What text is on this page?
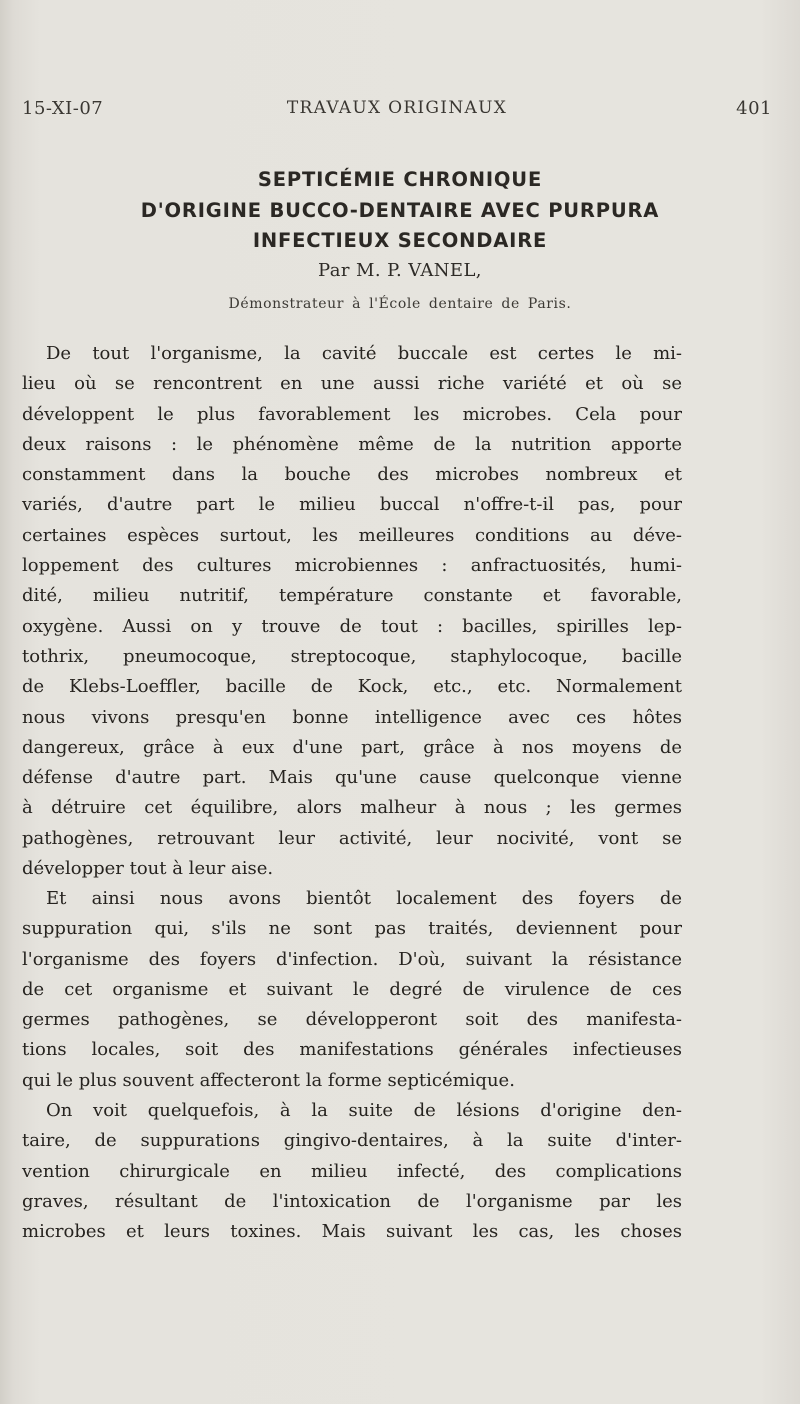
15-XI-07	TRAVAUX ORIGINAUX	401
SEPTICÉMIE CHRONIQUE
D'ORIGINE BUCCO-DENTAIRE AVEC PURPURA
INFECTIEUX SECONDAIRE
Par M. P. VANEL,
Démonstrateur à l'École dentaire de Paris.
De tout l'organisme, la cavité buccale est certes le mi-
lieu où se rencontrent en une aussi riche variété et où se
développent le plus favorablement les microbes. Cela pour
deux raisons : le phénomène même de la nutrition apporte
constamment dans la bouche des microbes nombreux et
variés, d'autre part le milieu buccal n'offre-t-il pas, pour
certaines espèces surtout, les meilleures conditions au déve-
loppement des cultures microbiennes : anfractuosités, humi-
dité, milieu nutritif, température constante et favorable,
oxygène. Aussi on y trouve de tout : bacilles, spirilles lep-
tothrix, pneumocoque, streptocoque, staphylocoque, bacille
de Klebs-Loeffler, bacille de Kock, etc., etc. Normalement
nous vivons presqu'en bonne intelligence avec ces hôtes
dangereux, grâce à eux d'une part, grâce à nos moyens de
défense d'autre part. Mais qu'une cause quelconque vienne
à détruire cet équilibre, alors malheur à nous ; les germes
pathogènes, retrouvant leur activité, leur nocivité, vont se
développer tout à leur aise.
Et ainsi nous avons bientôt localement des foyers de
suppuration qui, s'ils ne sont pas traités, deviennent pour
l'organisme des foyers d'infection. D'où, suivant la résistance
de cet organisme et suivant le degré de virulence de ces
germes pathogènes, se développeront soit des manifesta-
tions locales, soit des manifestations générales infectieuses
qui le plus souvent affecteront la forme septicémique.
On voit quelquefois, à la suite de lésions d'origine den-
taire, de suppurations gingivo-dentaires, à la suite d'inter-
vention chirurgicale en milieu infecté, des complications
graves, résultant de l'intoxication de l'organisme par les
microbes et leurs toxines. Mais suivant les cas, les choses
